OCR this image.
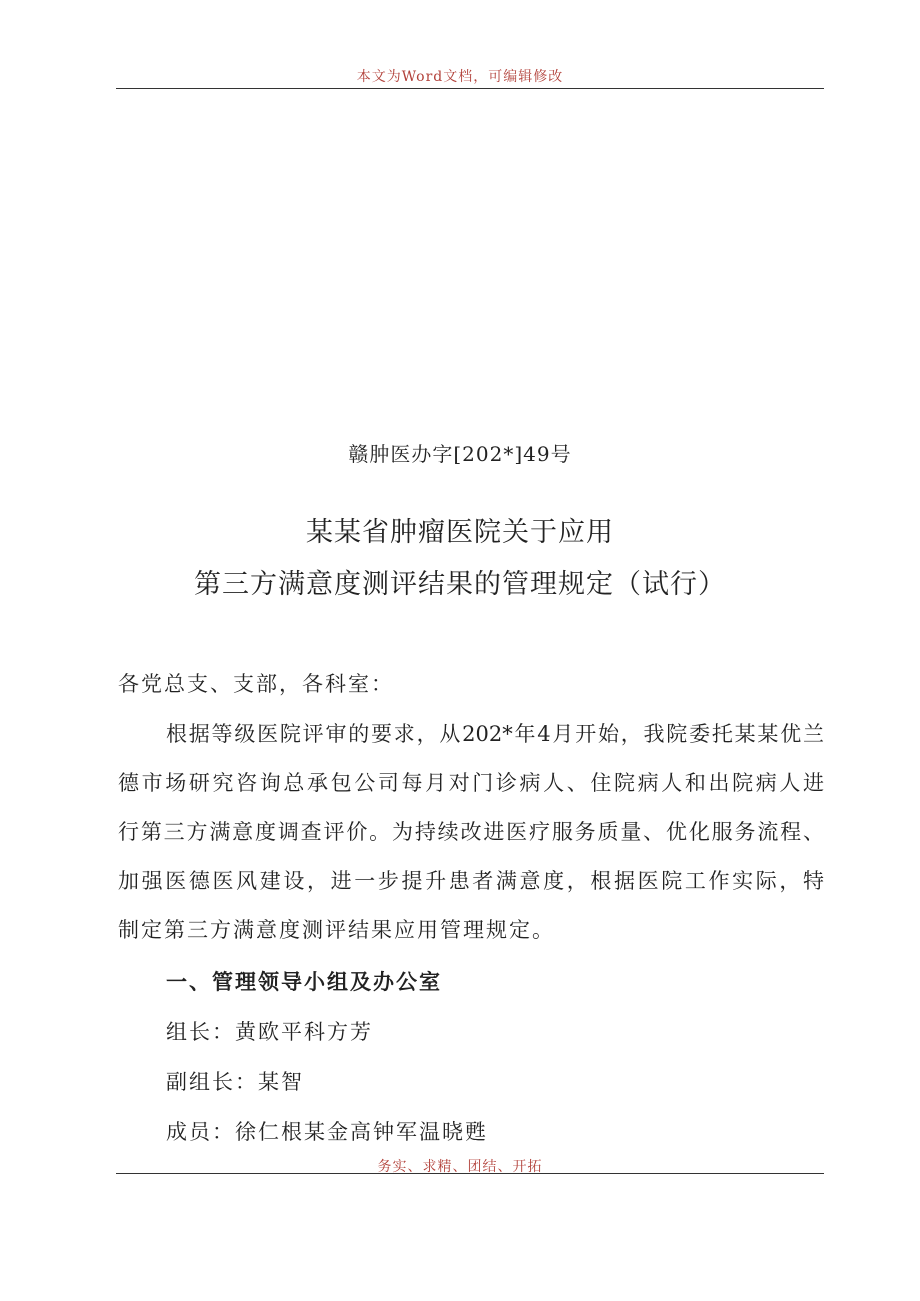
本文为Word文档，可编辑修改
赣肿医办字[202*]49号
某某省肿瘤医院关于应用
第三方满意度测评结果的管理规定（试行）
各党总支、支部，各科室：
根据等级医院评审的要求，从202*年4月开始，我院委托某某优兰
德市场研究咨询总承包公司每月对门诊病人、住院病人和出院病人进
行第三方满意度调查评价。为持续改进医疗服务质量、优化服务流程、
加强医德医风建设，进一步提升患者满意度，根据医院工作实际，特
制定第三方满意度测评结果应用管理规定。
一、管理领导小组及办公室
组长：黄欧平科方芳
副组长：某智
成员：徐仁根某金高钟军温晓甦
务实、求精、团结、开拓
